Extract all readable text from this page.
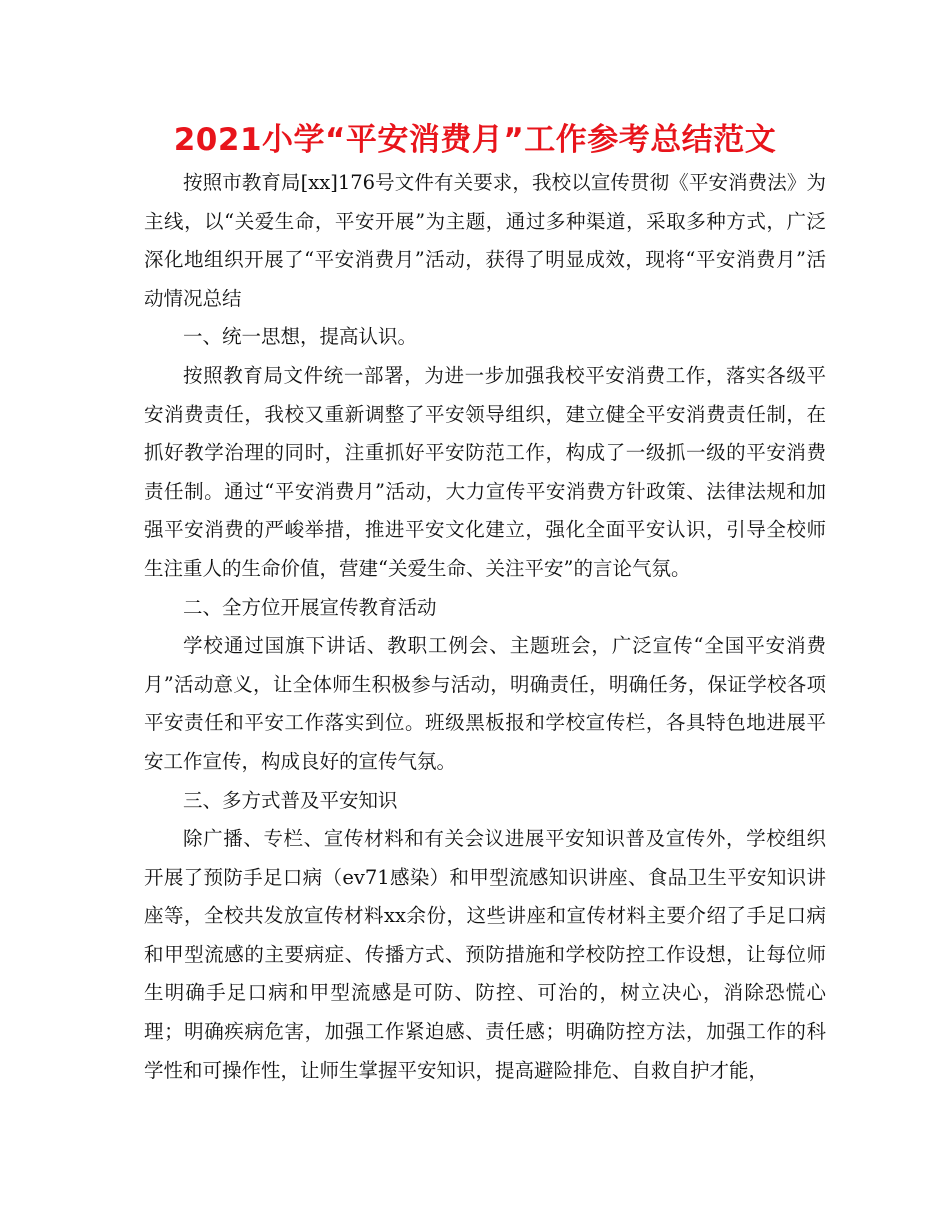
2021小学“平安消费月”工作参考总结范文

按照市教育局[xx]176号文件有关要求，我校以宣传贯彻《平安消费法》为主线，以“关爱生命，平安开展”为主题，通过多种渠道，采取多种方式，广泛深化地组织开展了“平安消费月”活动，获得了明显成效，现将“平安消费月”活动情况总结

一、统一思想，提高认识。

按照教育局文件统一部署，为进一步加强我校平安消费工作，落实各级平安消费责任，我校又重新调整了平安领导组织，建立健全平安消费责任制，在抓好教学治理的同时，注重抓好平安防范工作，构成了一级抓一级的平安消费责任制。通过“平安消费月”活动，大力宣传平安消费方针政策、法律法规和加强平安消费的严峻举措，推进平安文化建立，强化全面平安认识，引导全校师生注重人的生命价值，营建“关爱生命、关注平安”的言论气氛。

二、全方位开展宣传教育活动

学校通过国旗下讲话、教职工例会、主题班会，广泛宣传“全国平安消费月”活动意义，让全体师生积极参与活动，明确责任，明确任务，保证学校各项平安责任和平安工作落实到位。班级黑板报和学校宣传栏，各具特色地进展平安工作宣传，构成良好的宣传气氛。

三、多方式普及平安知识

除广播、专栏、宣传材料和有关会议进展平安知识普及宣传外，学校组织开展了预防手足口病（ev71感染）和甲型流感知识讲座、食品卫生平安知识讲座等，全校共发放宣传材料xx余份，这些讲座和宣传材料主要介绍了手足口病和甲型流感的主要病症、传播方式、预防措施和学校防控工作设想，让每位师生明确手足口病和甲型流感是可防、防控、可治的，树立决心，消除恐慌心理；明确疾病危害，加强工作紧迫感、责任感；明确防控方法，加强工作的科学性和可操作性，让师生掌握平安知识，提高避险排危、自救自护才能，
